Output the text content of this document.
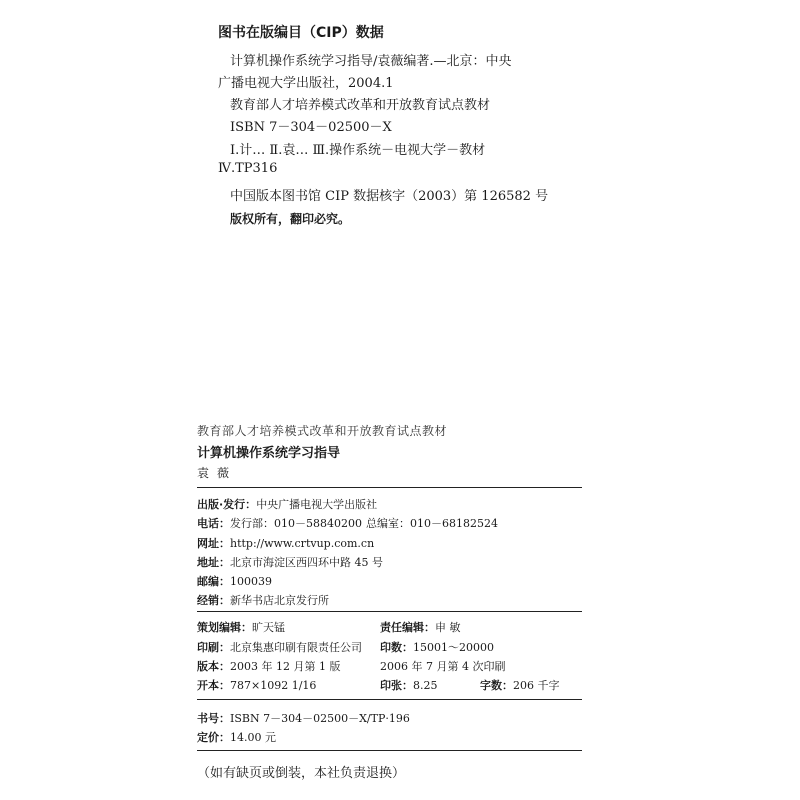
图书在版编目（CIP）数据
计算机操作系统学习指导/袁薇编著.—北京：中央
广播电视大学出版社，2004.1
教育部人才培养模式改革和开放教育试点教材
ISBN 7－304－02500－X
Ⅰ.计… Ⅱ.袁… Ⅲ.操作系统－电视大学－教材
Ⅳ.TP316
中国版本图书馆 CIP 数据核字（2003）第 126582 号
版权所有，翻印必究。
教育部人才培养模式改革和开放教育试点教材
计算机操作系统学习指导
袁薇
出版·发行：中央广播电视大学出版社
电话：发行部：010－58840200 总编室：010－68182524
网址：http://www.crtvup.com.cn
地址：北京市海淀区西四环中路 45 号
邮编：100039
经销：新华书店北京发行所
策划编辑：旷天锰	责任编辑：申 敏
印刷：北京集惠印刷有限责任公司 印数：15001～20000
版本：2003 年 12 月第 1 版	2006 年 7 月第 4 次印刷
开本：787×1092 1/16	印张：8.25	字数：206 千字
书号：ISBN 7－304－02500－X/TP·196
定价：14.00 元
（如有缺页或倒装，本社负责退换）
